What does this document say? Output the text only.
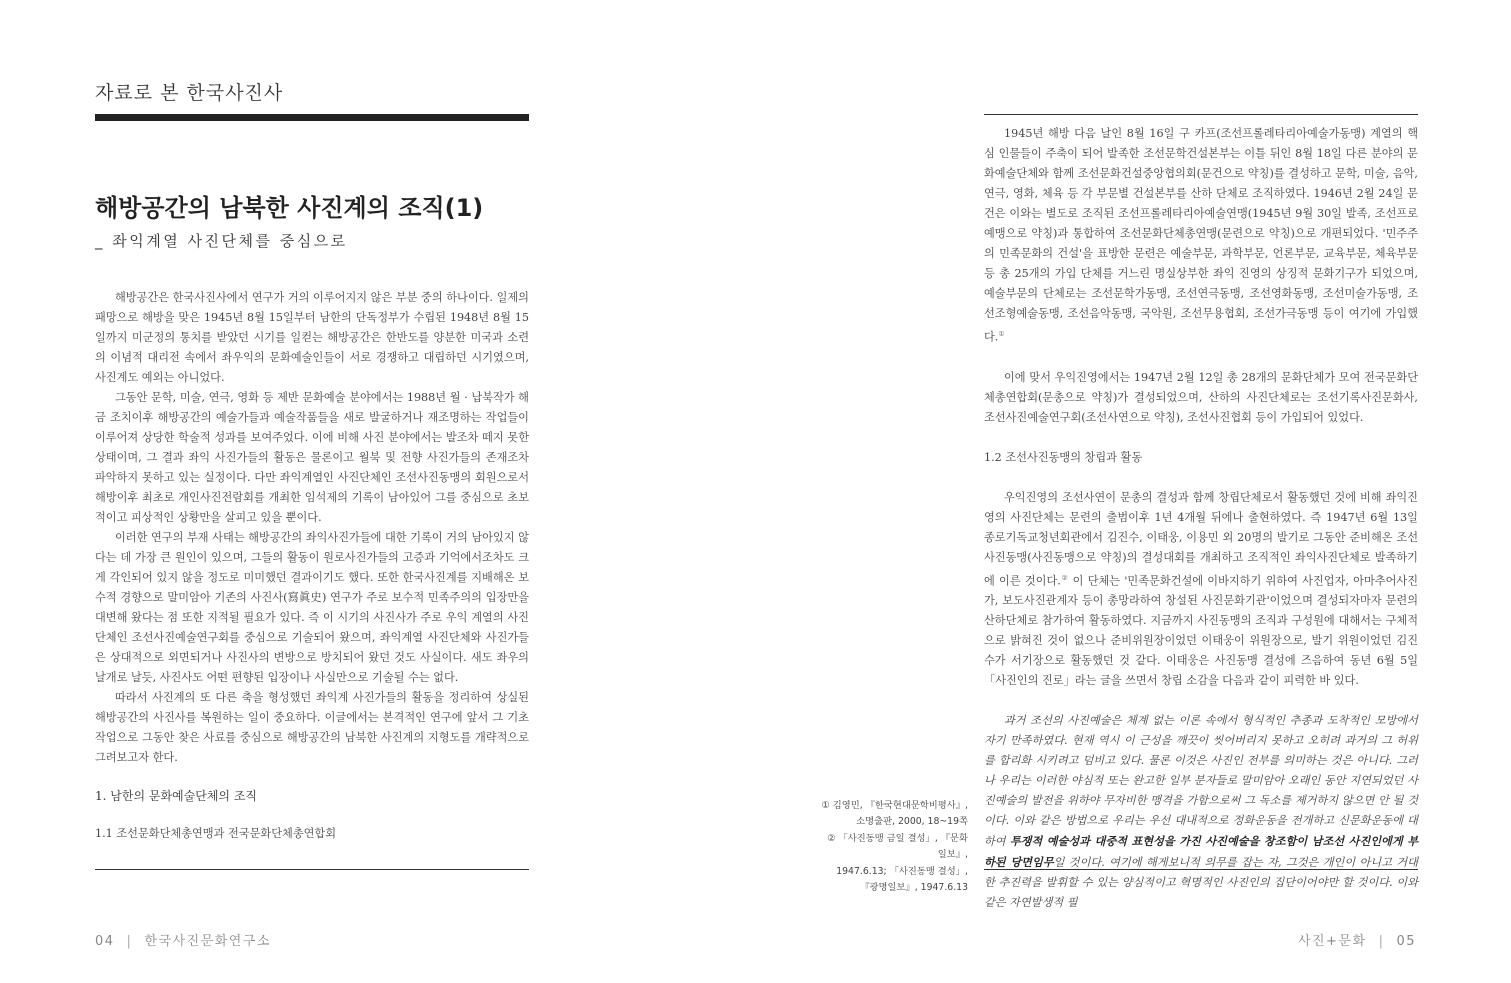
자료로 본 한국사진사
해방공간의 남북한 사진계의 조직(1)
_ 좌익계열 사진단체를 중심으로

해방공간은 한국사진사에서 연구가 거의 이루어지지 않은 부분 중의 하나이다. 일제의 패망으로 해방을 맞은 1945년 8월 15일부터 남한의 단독정부가 수립된 1948년 8월 15일까지 미군정의 통치를 받았던 시기를 일컫는 해방공간은 한반도를 양분한 미국과 소련의 이념적 대리전 속에서 좌우익의 문화예술인들이 서로 경쟁하고 대립하던 시기였으며, 사진계도 예외는 아니었다.

그동안 문학, 미술, 연극, 영화 등 제반 문화예술 분야에서는 1988년 월 · 납북작가 해금 조치이후 해방공간의 예술가들과 예술작품들을 새로 발굴하거나 재조명하는 작업들이 이루어져 상당한 학술적 성과를 보여주었다. 이에 비해 사진 분야에서는 발조차 떼지 못한 상태이며, 그 결과 좌익 사진가들의 활동은 물론이고 월북 및 전향 사진가들의 존재조차 파악하지 못하고 있는 실정이다. 다만 좌익계열인 사진단체인 조선사진동맹의 회원으로서 해방이후 최초로 개인사진전람회를 개최한 임석제의 기록이 남아있어 그를 중심으로 초보적이고 피상적인 상황만을 살피고 있을 뿐이다.

이러한 연구의 부재 사태는 해방공간의 좌익사진가들에 대한 기록이 거의 남아있지 않다는 데 가장 큰 원인이 있으며, 그들의 활동이 원로사진가들의 고증과 기억에서조차도 크게 각인되어 있지 않을 정도로 미미했던 결과이기도 했다. 또한 한국사진계를 지배해온 보수적 경향으로 말미암아 기존의 사진사(寫眞史) 연구가 주로 보수적 민족주의의 입장만을 대변해 왔다는 점 또한 지적될 필요가 있다. 즉 이 시기의 사진사가 주로 우익 계열의 사진단체인 조선사진예술연구회를 중심으로 기술되어 왔으며, 좌익계열 사진단체와 사진가들은 상대적으로 외면되거나 사진사의 변방으로 방치되어 왔던 것도 사실이다. 새도 좌우의 날개로 날듯, 사진사도 어떤 편향된 입장이나 사실만으로 기술될 수는 없다.

따라서 사진계의 또 다른 축을 형성했던 좌익계 사진가들의 활동을 정리하여 상실된 해방공간의 사진사를 복원하는 일이 중요하다. 이글에서는 본격적인 연구에 앞서 그 기초 작업으로 그동안 찾은 사료를 중심으로 해방공간의 남북한 사진계의 지형도를 개략적으로 그려보고자 한다.

1. 남한의 문화예술단체의 조직
1.1 조선문화단체총연맹과 전국문화단체총연합회

1945년 해방 다음 날인 8월 16일 구 카프(조선프롤레타리아예술가동맹) 계열의 핵심 인물들이 주축이 되어 발족한 조선문학건설본부는 이틀 뒤인 8월 18일 다른 분야의 문화예술단체와 함께 조선문화건설중앙협의회(문건으로 약칭)를 결성하고 문학, 미술, 음악, 연극, 영화, 체육 등 각 부문별 건설본부를 산하 단체로 조직하였다. 1946년 2월 24일 문건은 이와는 별도로 조직된 조선프롤레타리아예술연맹(1945년 9월 30일 발족, 조선프로예맹으로 약칭)과 통합하여 조선문화단체총연맹(문련으로 약칭)으로 개편되었다. '민주주의 민족문화의 건설'을 표방한 문련은 예술부문, 과학부문, 언론부문, 교육부문, 체육부문 등 총 25개의 가입 단체를 거느린 명실상부한 좌익 진영의 상징적 문화기구가 되었으며, 예술부문의 단체로는 조선문학가동맹, 조선연극동맹, 조선영화동맹, 조선미술가동맹, 조선조형예술동맹, 조선음악동맹, 국악원, 조선무용협회, 조선가극동맹 등이 여기에 가입했다.①

이에 맞서 우익진영에서는 1947년 2월 12일 총 28개의 문화단체가 모여 전국문화단체총연합회(문총으로 약칭)가 결성되었으며, 산하의 사진단체로는 조선기록사진문화사, 조선사진예술연구회(조선사연으로 약칭), 조선사진협회 등이 가입되어 있었다.

1.2 조선사진동맹의 창립과 활동

우익진영의 조선사연이 문총의 결성과 함께 창립단체로서 활동했던 것에 비해 좌익진영의 사진단체는 문련의 출범이후 1년 4개월 뒤에나 출현하였다. 즉 1947년 6월 13일 종로기독교청년회관에서 김진수, 이태웅, 이용민 외 20명의 발기로 그동안 준비해온 조선사진동맹(사진동맹으로 약칭)의 결성대회를 개최하고 조직적인 좌익사진단체로 발족하기에 이른 것이다.② 이 단체는 '민족문화건설에 이바지하기 위하여 사진업자, 아마추어사진가, 보도사진관계자 등이 총망라하여 창설된 사진문화기관'이었으며 결성되자마자 문련의 산하단체로 참가하여 활동하였다. 지금까지 사진동맹의 조직과 구성원에 대해서는 구체적으로 밝혀진 것이 없으나 준비위원장이었던 이태웅이 위원장으로, 발기 위원이었던 김진수가 서기장으로 활동했던 것 같다. 이태웅은 사진동맹 결성에 즈음하여 동년 6월 5일「사진인의 진로」라는 글을 쓰면서 창립 소감을 다음과 같이 피력한 바 있다.

과거 조선의 사진예술은 체계 없는 이론 속에서 형식적인 추종과 도착적인 모방에서 자기 만족하였다. 현재 역시 이 근성을 깨끗이 씻어버리지 못하고 오히려 과거의 그 허위를 합리화 시키려고 덤비고 있다. 물론 이것은 사진인 전부를 의미하는 것은 아니다. 그러나 우리는 이러한 야심적 또는 완고한 일부 분자들로 말미암아 오래인 동안 지연되었던 사진예술의 발전을 위하야 무자비한 맹격을 가함으로써 그 독소를 제거하지 않으면 안 될 것이다. 이와 같은 방법으로 우리는 우선 대내적으로 정화운동을 전개하고 신문화운동에 대하여 투쟁적 예술성과 대중적 표현성을 가진 사진예술을 창조함이 남조선 사진인에게 부하된 당면임무일 것이다. 여기에 해게보니적 의무를 잡는 자, 그것은 개인이 아니고 거대한 추진력을 발휘할 수 있는 양심적이고 혁명적인 사진인의 집단이어야만 할 것이다. 이와 같은 자연발생적 필

① 김영민, 『한국현대문학비평사』,
소명출판, 2000, 18~19쪽
② 「사진동맹 금일 결성」, 『문화일보』,
1947.6.13; 「사진동맹 결성」,
『광명일보』, 1947.6.13
04 | 한국사진문화연구소	사진+문화 | 05
